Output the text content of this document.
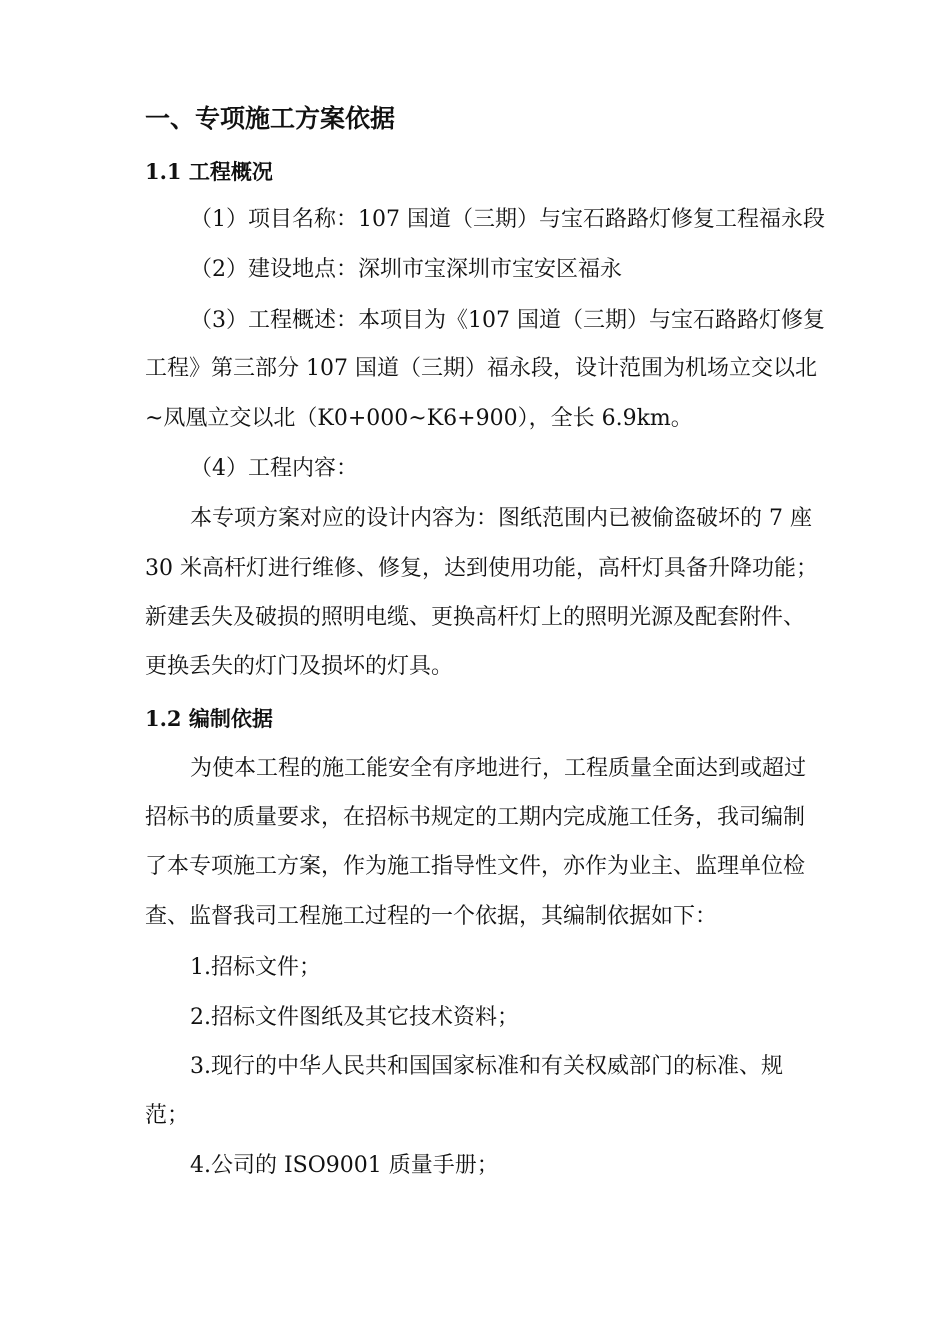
一、专项施工方案依据
1.1 工程概况
（1）项目名称：107 国道（三期）与宝石路路灯修复工程福永段
（2）建设地点：深圳市宝深圳市宝安区福永
（3）工程概述：本项目为《107 国道（三期）与宝石路路灯修复
工程》第三部分 107 国道（三期）福永段，设计范围为机场立交以北
~凤凰立交以北（K0+000~K6+900），全长 6.9km。
（4）工程内容：
本专项方案对应的设计内容为：图纸范围内已被偷盗破坏的 7 座
30 米高杆灯进行维修、修复，达到使用功能，高杆灯具备升降功能；
新建丢失及破损的照明电缆、更换高杆灯上的照明光源及配套附件、
更换丢失的灯门及损坏的灯具。
1.2 编制依据
为使本工程的施工能安全有序地进行，工程质量全面达到或超过
招标书的质量要求，在招标书规定的工期内完成施工任务，我司编制
了本专项施工方案，作为施工指导性文件，亦作为业主、监理单位检
查、监督我司工程施工过程的一个依据，其编制依据如下：
1.招标文件；
2.招标文件图纸及其它技术资料；
3.现行的中华人民共和国国家标准和有关权威部门的标准、规
范；
4.公司的 ISO9001 质量手册；
